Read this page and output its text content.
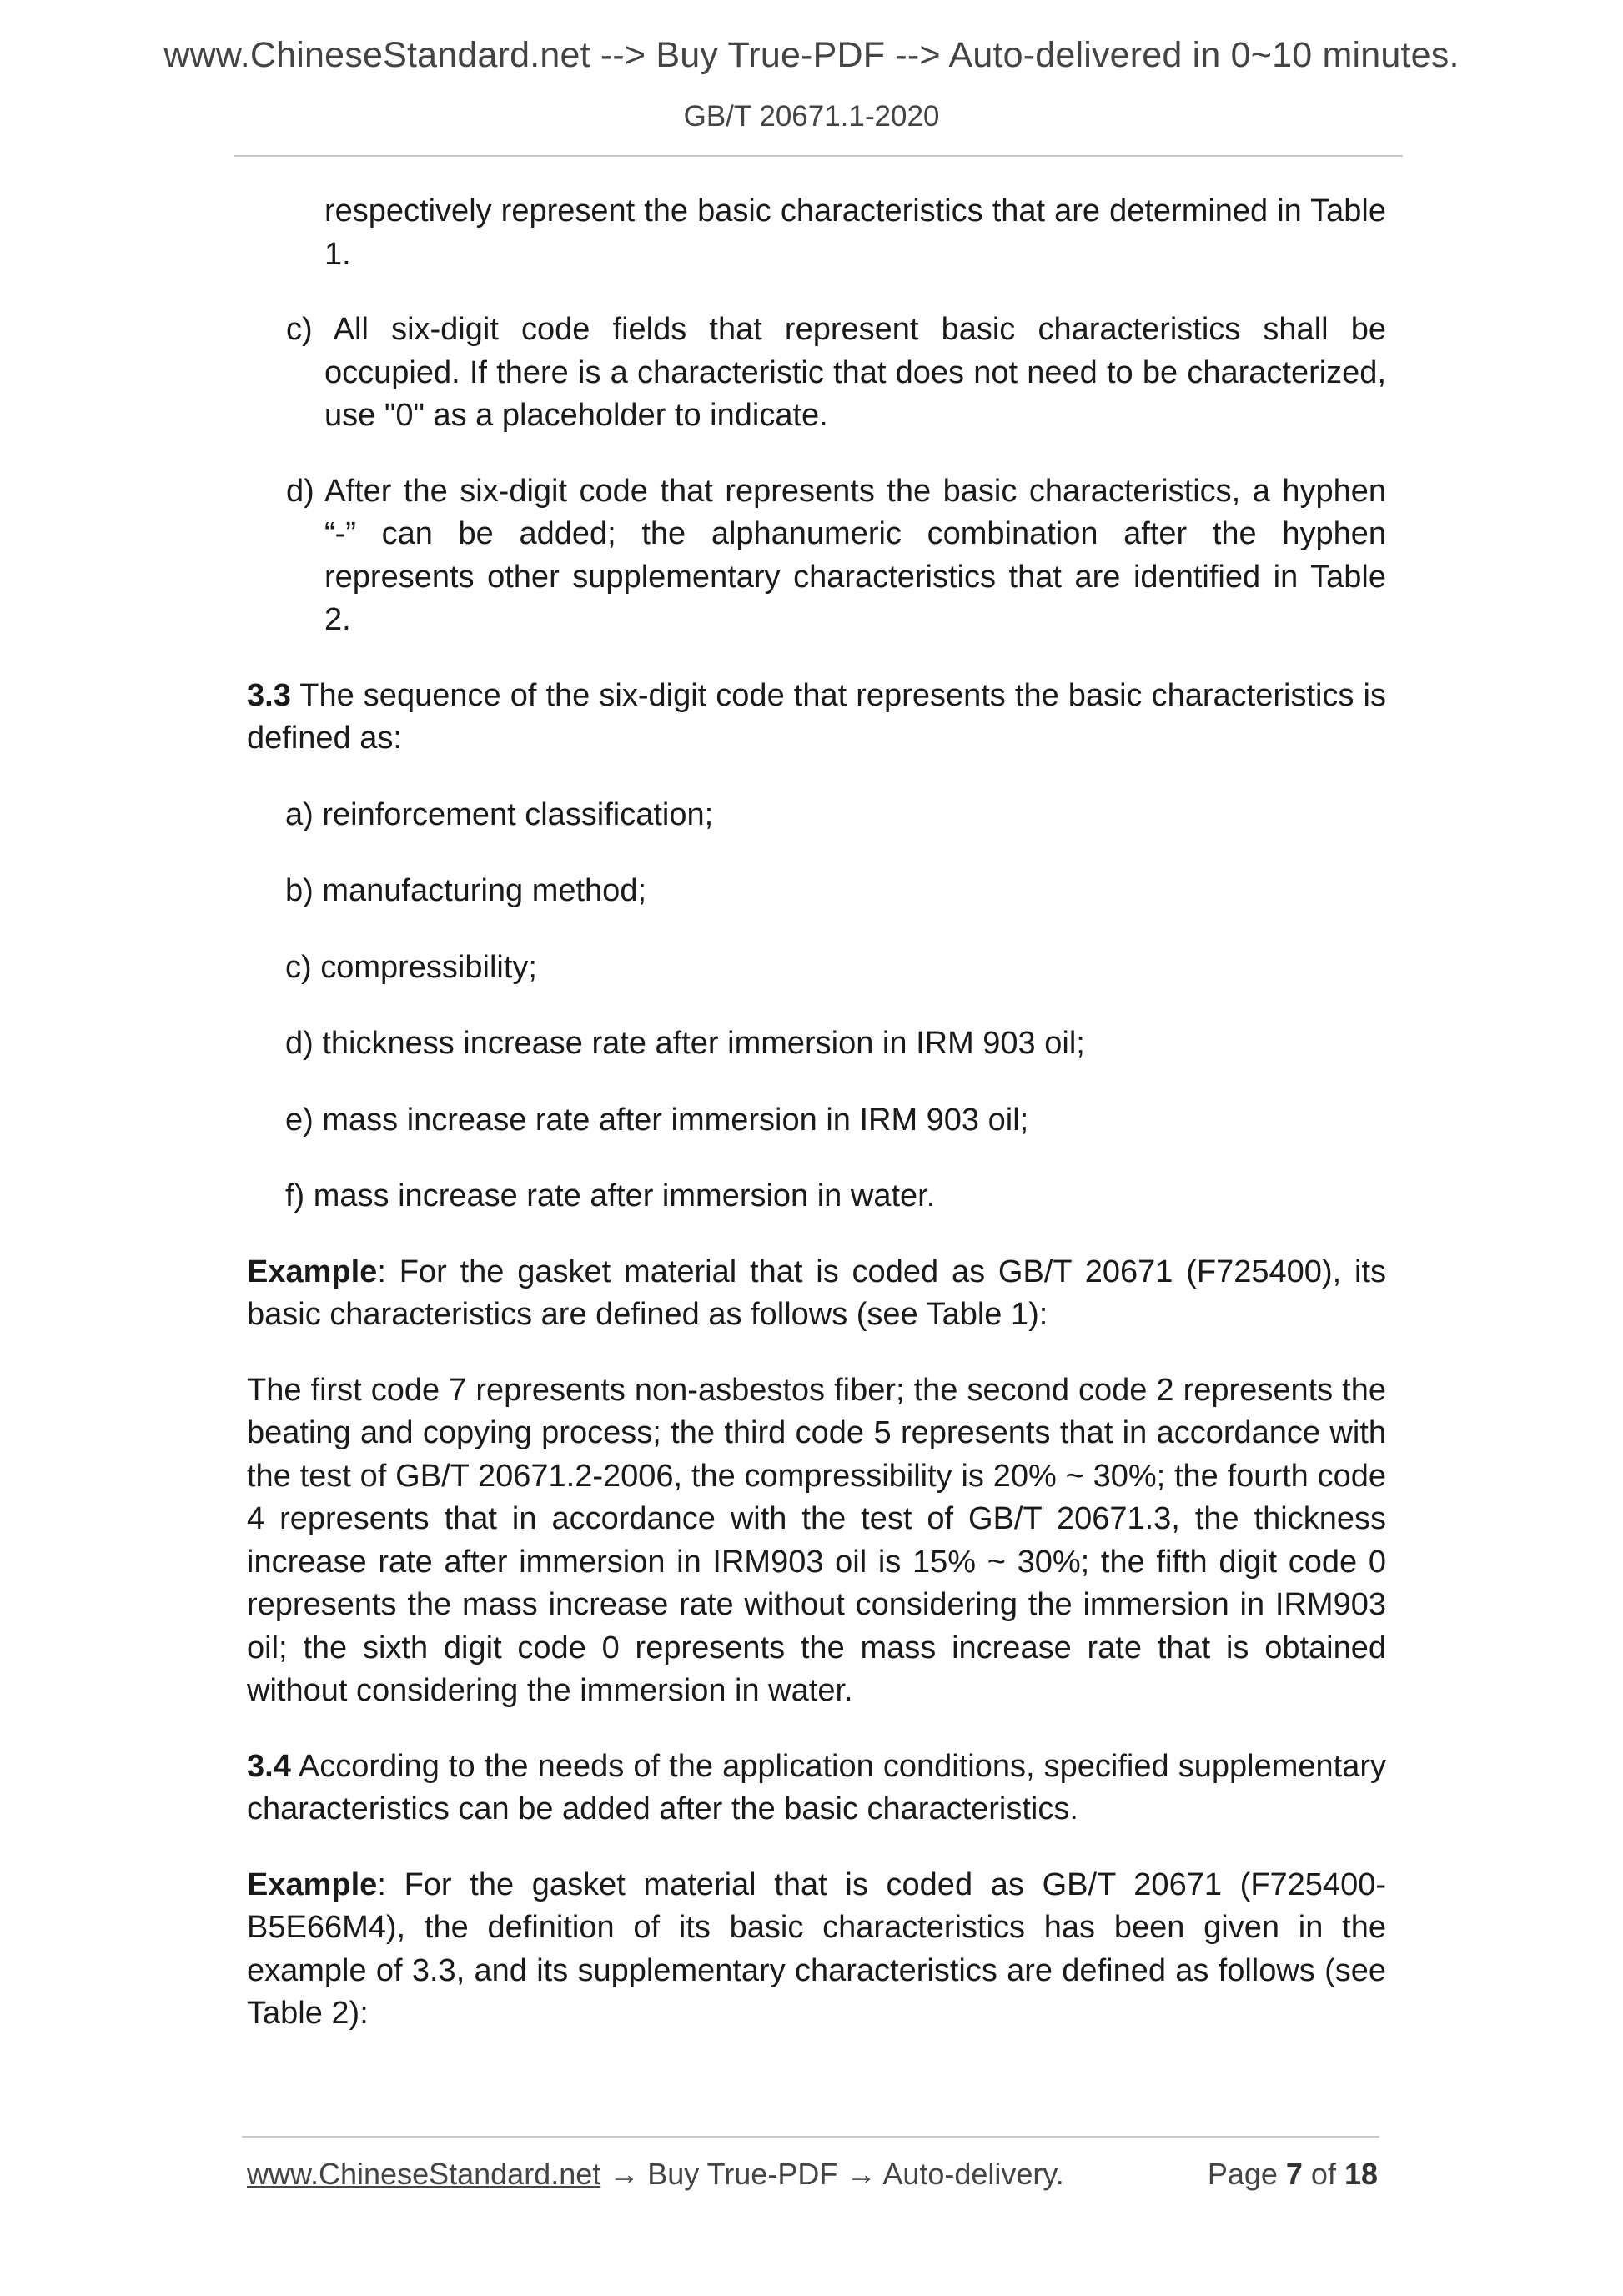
www.ChineseStandard.net --> Buy True-PDF --> Auto-delivered in 0~10 minutes.
GB/T 20671.1-2020

respectively represent the basic characteristics that are determined in Table 1.

c) All six-digit code fields that represent basic characteristics shall be occupied. If there is a characteristic that does not need to be characterized, use "0" as a placeholder to indicate.

d) After the six-digit code that represents the basic characteristics, a hyphen “-” can be added; the alphanumeric combination after the hyphen represents other supplementary characteristics that are identified in Table 2.

3.3 The sequence of the six-digit code that represents the basic characteristics is defined as:

a) reinforcement classification;

b) manufacturing method;

c) compressibility;

d) thickness increase rate after immersion in IRM 903 oil;

e) mass increase rate after immersion in IRM 903 oil;

f) mass increase rate after immersion in water.

Example: For the gasket material that is coded as GB/T 20671 (F725400), its basic characteristics are defined as follows (see Table 1):

The first code 7 represents non-asbestos fiber; the second code 2 represents the beating and copying process; the third code 5 represents that in accordance with the test of GB/T 20671.2-2006, the compressibility is 20% ~ 30%; the fourth code 4 represents that in accordance with the test of GB/T 20671.3, the thickness increase rate after immersion in IRM903 oil is 15% ~ 30%; the fifth digit code 0 represents the mass increase rate without considering the immersion in IRM903 oil; the sixth digit code 0 represents the mass increase rate that is obtained without considering the immersion in water.

3.4 According to the needs of the application conditions, specified supplementary characteristics can be added after the basic characteristics.

Example: For the gasket material that is coded as GB/T 20671 (F725400-B5E66M4), the definition of its basic characteristics has been given in the example of 3.3, and its supplementary characteristics are defined as follows (see Table 2):

www.ChineseStandard.net → Buy True-PDF → Auto-delivery.	Page 7 of 18
